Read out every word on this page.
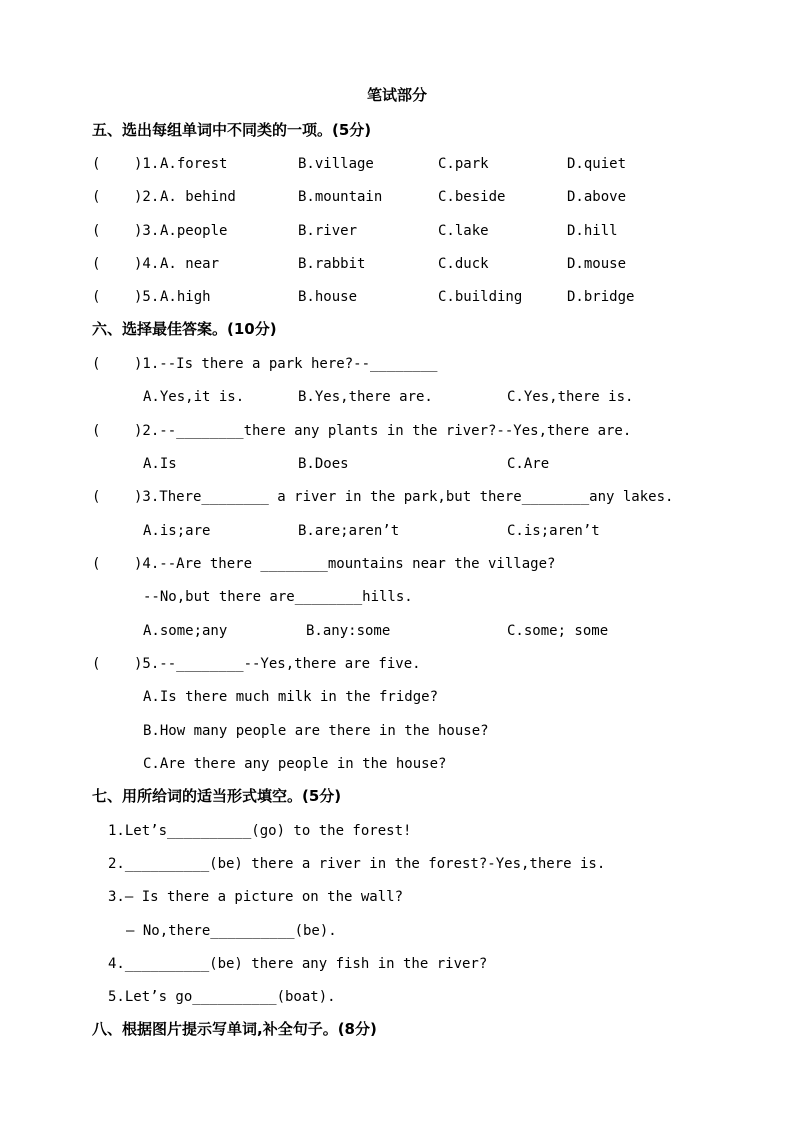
笔试部分
五、选出每组单词中不同类的一项。(5分)
( )1. A.forest	B.village	C.park	D.quiet
( )2. A. behind	B.mountain	C.beside	D.above
( )3. A.people	B.river	C.lake	D.hill
( )4. A. near	B.rabbit	C.duck	D.mouse
( )5. A.high	B.house	C.building	D.bridge
六、选择最佳答案。(10分)
( )1.--Is there a park here?--________
A.Yes,it is.	B.Yes,there are.	C.Yes,there is.
( )2.--________there any plants in the river?--Yes,there are.
A.Is	B.Does	C.Are
( )3.There________ a river in the park,but there________any lakes.
A.is;are	B.are;aren’t	C.is;aren’t
( )4.--Are there ________mountains near the village?
--No,but there are________hills.
A.some;any	B.any:some	C.some; some
( )5.--________--Yes,there are five.
A.Is there much milk in the fridge?
B.How many people are there in the house?
C.Are there any people in the house?
七、用所给词的适当形式填空。(5分)
1.Let’s__________(go) to the forest!
2.__________(be) there a river in the forest?-Yes,there is.
3.— Is there a picture on the wall?
— No,there__________(be).
4.__________(be) there any fish in the river?
5.Let’s go__________(boat).
八、根据图片提示写单词,补全句子。(8分)
